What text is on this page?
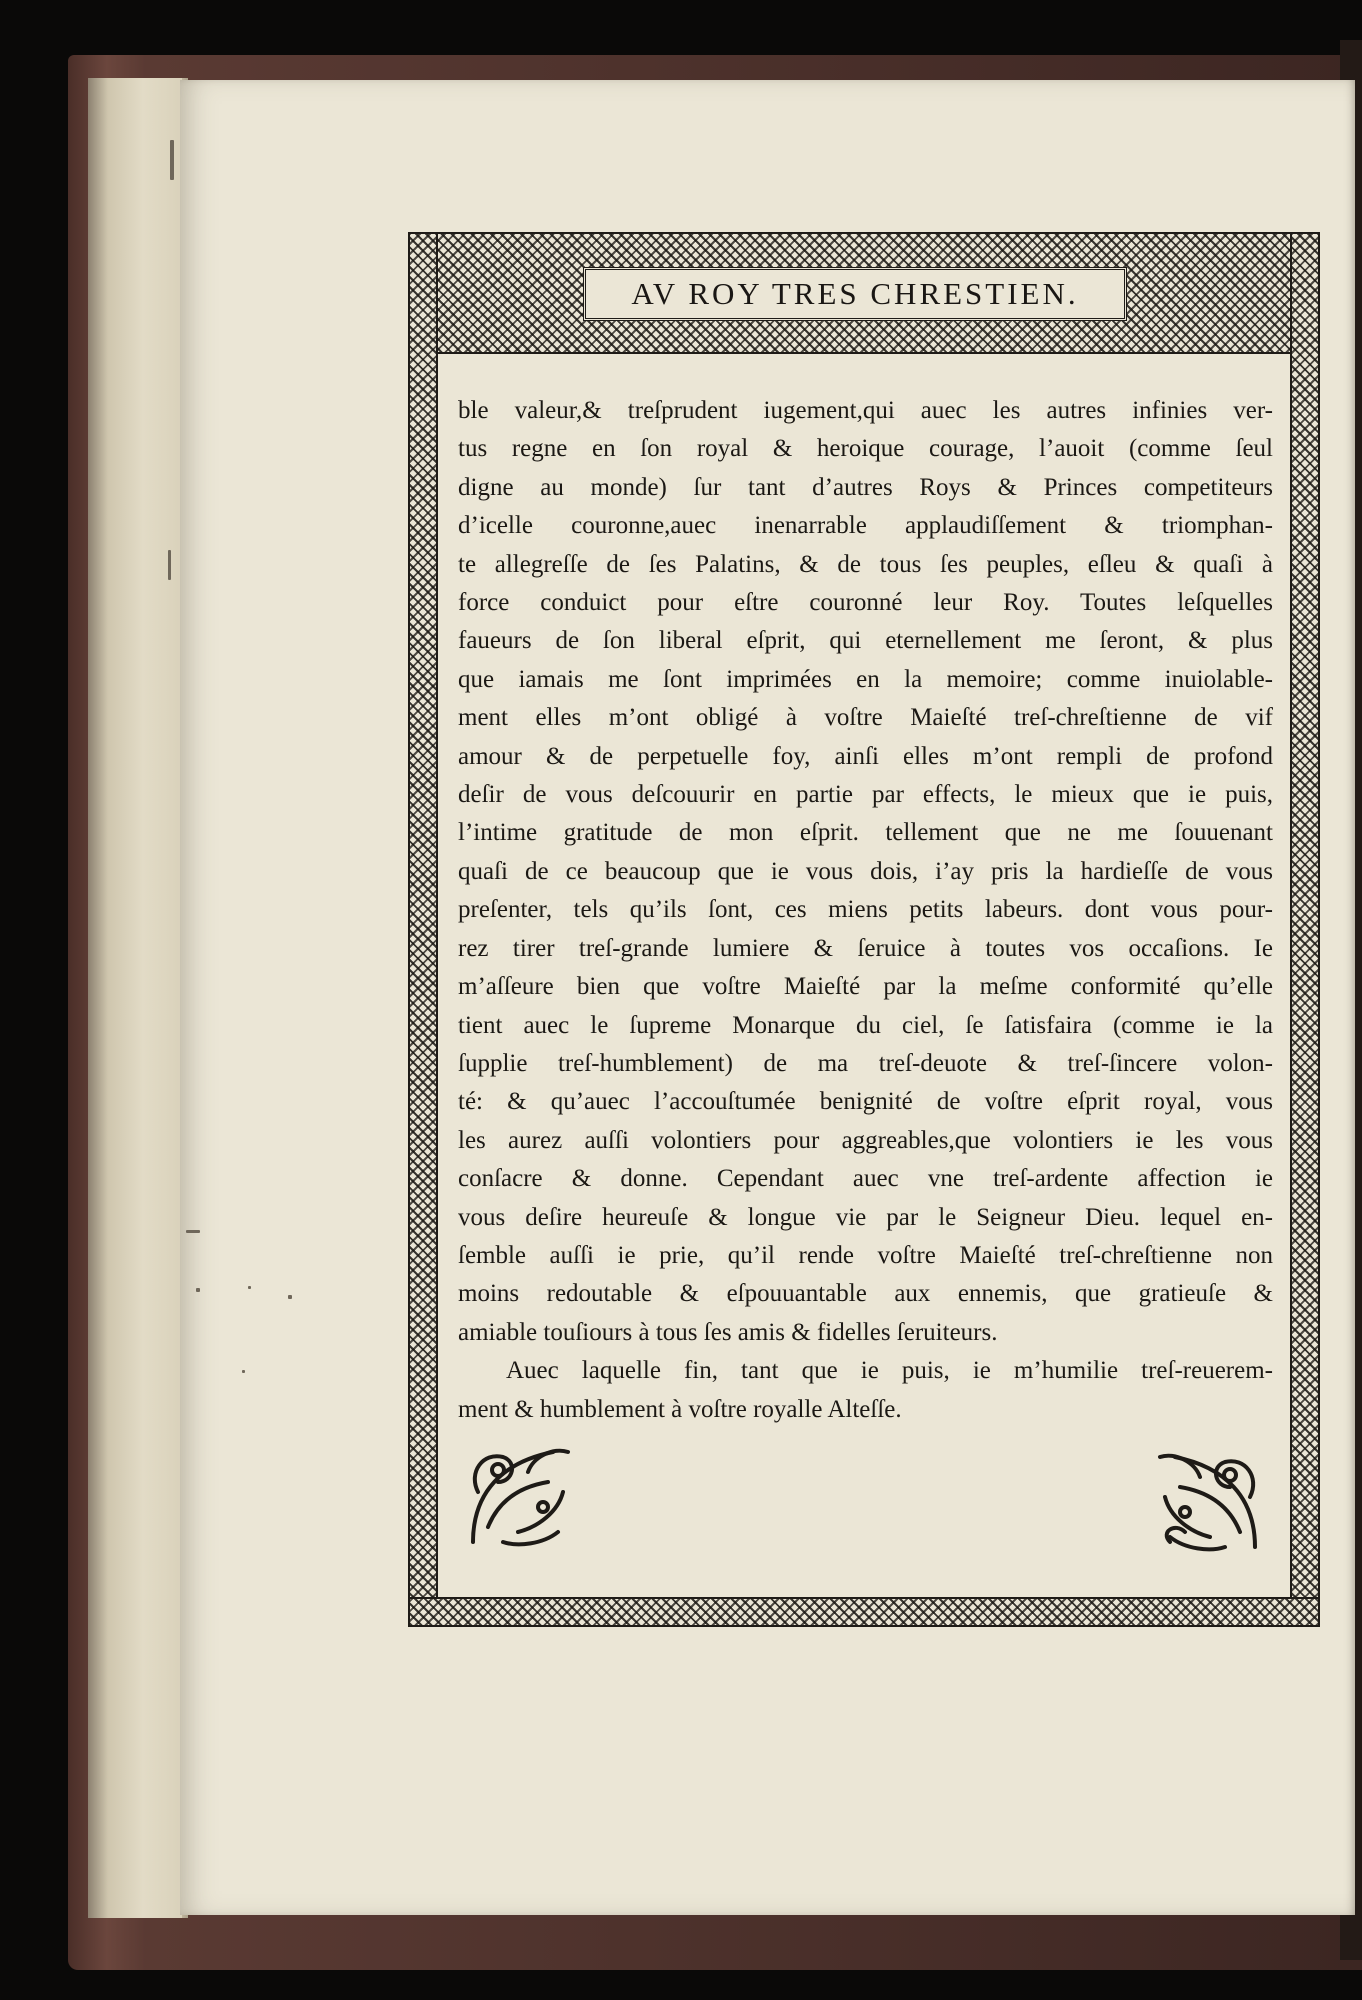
AV ROY TRES CHRESTIEN.
ble valeur,& treſprudent iugement,qui auec les autres infinies ver-
tus regne en ſon royal & heroique courage, l’auoit (comme ſeul
digne au monde) ſur tant d’autres Roys & Princes competiteurs
d’icelle couronne,auec inenarrable applaudiſſement & triomphan-
te allegreſſe de ſes Palatins, & de tous ſes peuples, eſleu & quaſi à
force conduict pour eſtre couronné leur Roy. Toutes leſquelles
faueurs de ſon liberal eſprit, qui eternellement me ſeront, & plus
que iamais me ſont imprimées en la memoire; comme inuiolable-
ment elles m’ont obligé à voſtre Maieſté treſ-chreſtienne de vif
amour & de perpetuelle foy, ainſi elles m’ont rempli de profond
deſir de vous deſcouurir en partie par effects, le mieux que ie puis,
l’intime gratitude de mon eſprit. tellement que ne me ſouuenant
quaſi de ce beaucoup que ie vous dois, i’ay pris la hardieſſe de vous
preſenter, tels qu’ils ſont, ces miens petits labeurs. dont vous pour-
rez tirer treſ-grande lumiere & ſeruice à toutes vos occaſions. Ie
m’aſſeure bien que voſtre Maieſté par la meſme conformité qu’elle
tient auec le ſupreme Monarque du ciel, ſe ſatisfaira (comme ie la
ſupplie treſ-humblement) de ma treſ-deuote & treſ-ſincere volon-
té: & qu’auec l’accouſtumée benignité de voſtre eſprit royal, vous
les aurez auſſi volontiers pour aggreables,que volontiers ie les vous
conſacre & donne. Cependant auec vne treſ-ardente affection ie
vous deſire heureuſe & longue vie par le Seigneur Dieu. lequel en-
ſemble auſſi ie prie, qu’il rende voſtre Maieſté treſ-chreſtienne non
moins redoutable & eſpouuantable aux ennemis, que gratieuſe &
amiable touſiours à tous ſes amis & fidelles ſeruiteurs.
Auec laquelle fin, tant que ie puis, ie m’humilie treſ-reuerem-
ment & humblement à voſtre royalle Alteſſe.
